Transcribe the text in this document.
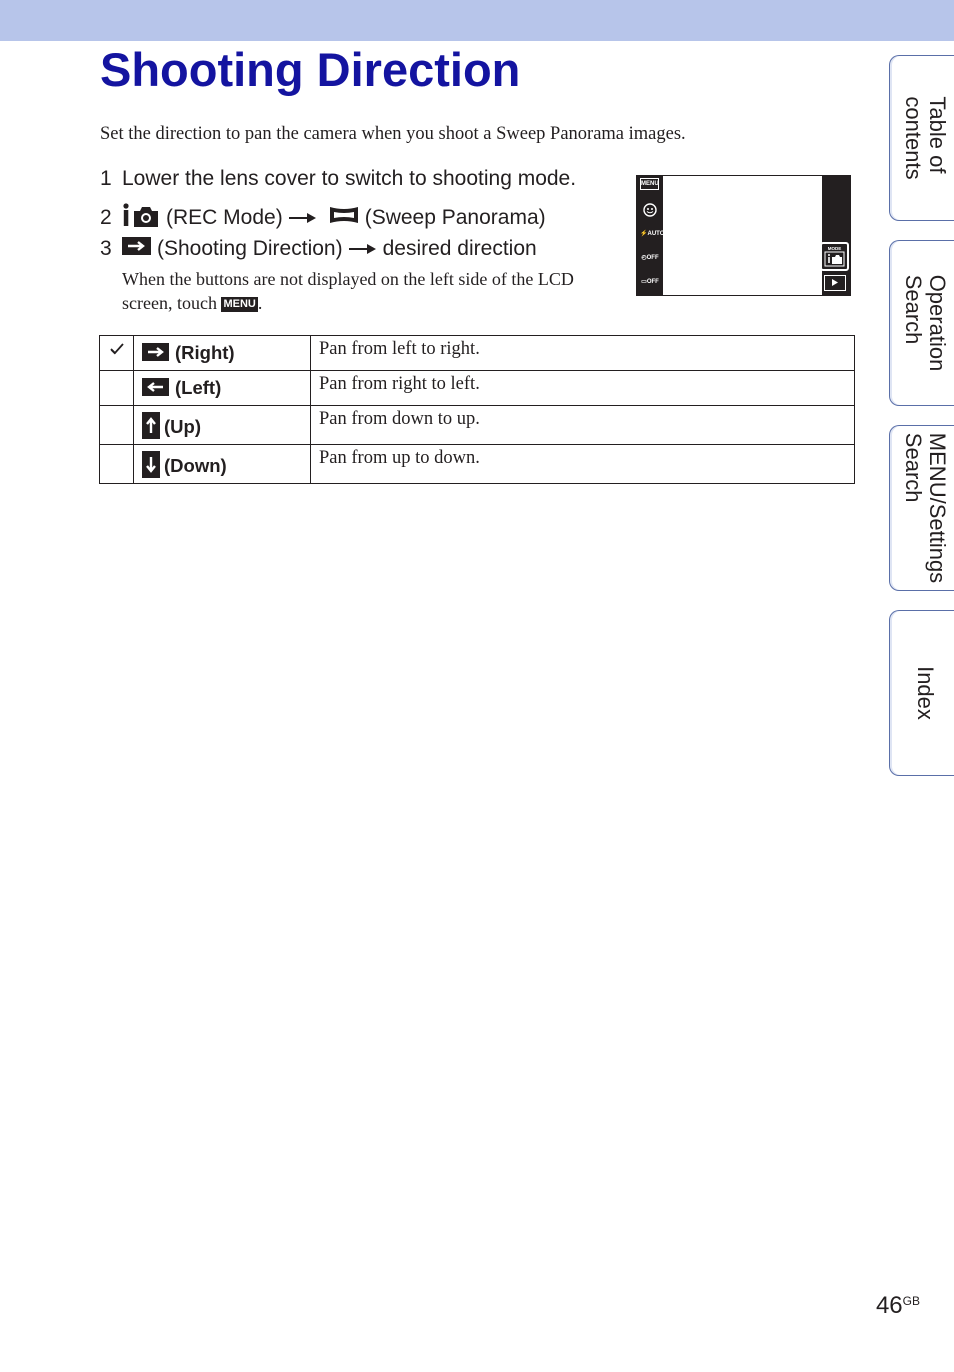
Shooting Direction

Set the direction to pan the camera when you shoot a Sweep Panorama images.

1 Lower the lens cover to switch to shooting mode.
2	(REC Mode)	(Sweep Panorama)
3	(Shooting Direction) desired direction

When the buttons are not displayed on the left side of the LCD screen, touch MENU .

MENU
⚡AUTO
◴OFF
▭OFF
MODE
	(Right)	Pan from left to right.
	(Left)	Pan from right to left.
	(Up)	Pan from down to up.
	(Down)	Pan from up to down.
Table of
contents
Operation
Search
MENU/Settings
Search
Index
$46^{GB}$
